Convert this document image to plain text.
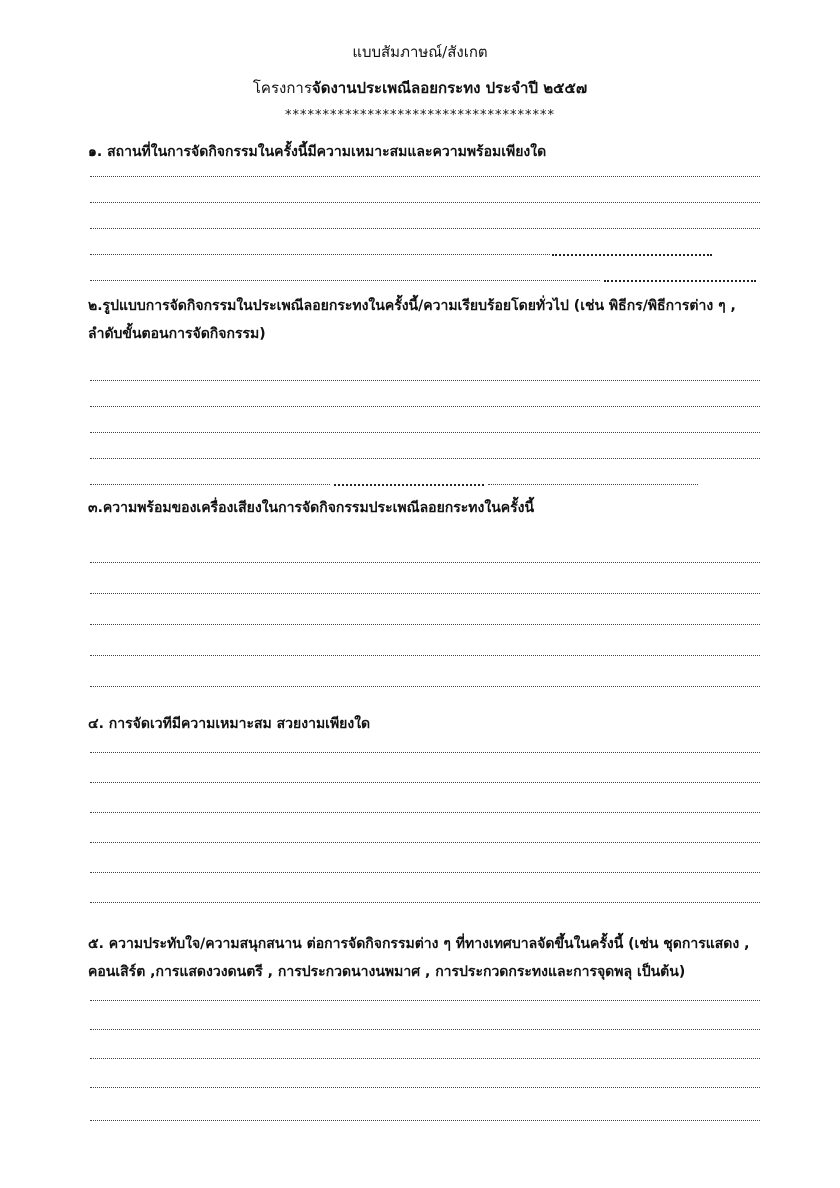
แบบสัมภาษณ์/สังเกต
โครงการจัดงานประเพณีลอยกระทง ประจำปี ๒๕๕๗
************************************
๑. สถานที่ในการจัดกิจกรรมในครั้งนี้มีความเหมาะสมและความพร้อมเพียงใด
๒.รูปแบบการจัดกิจกรรมในประเพณีลอยกระทงในครั้งนี้/ความเรียบร้อยโดยทั่วไป (เช่น พิธีกร/พิธีการต่าง ๆ , ลำดับขั้นตอนการจัดกิจกรรม)
๓.ความพร้อมของเครื่องเสียงในการจัดกิจกรรมประเพณีลอยกระทงในครั้งนี้
๔. การจัดเวทีมีความเหมาะสม สวยงามเพียงใด
๕. ความประทับใจ/ความสนุกสนาน ต่อการจัดกิจกรรมต่าง ๆ ที่ทางเทศบาลจัดขึ้นในครั้งนี้ (เช่น ชุดการแสดง , คอนเสิร์ต ,การแสดงวงดนตรี , การประกวดนางนพมาศ , การประกวดกระทงและการจุดพลุ เป็นต้น)
